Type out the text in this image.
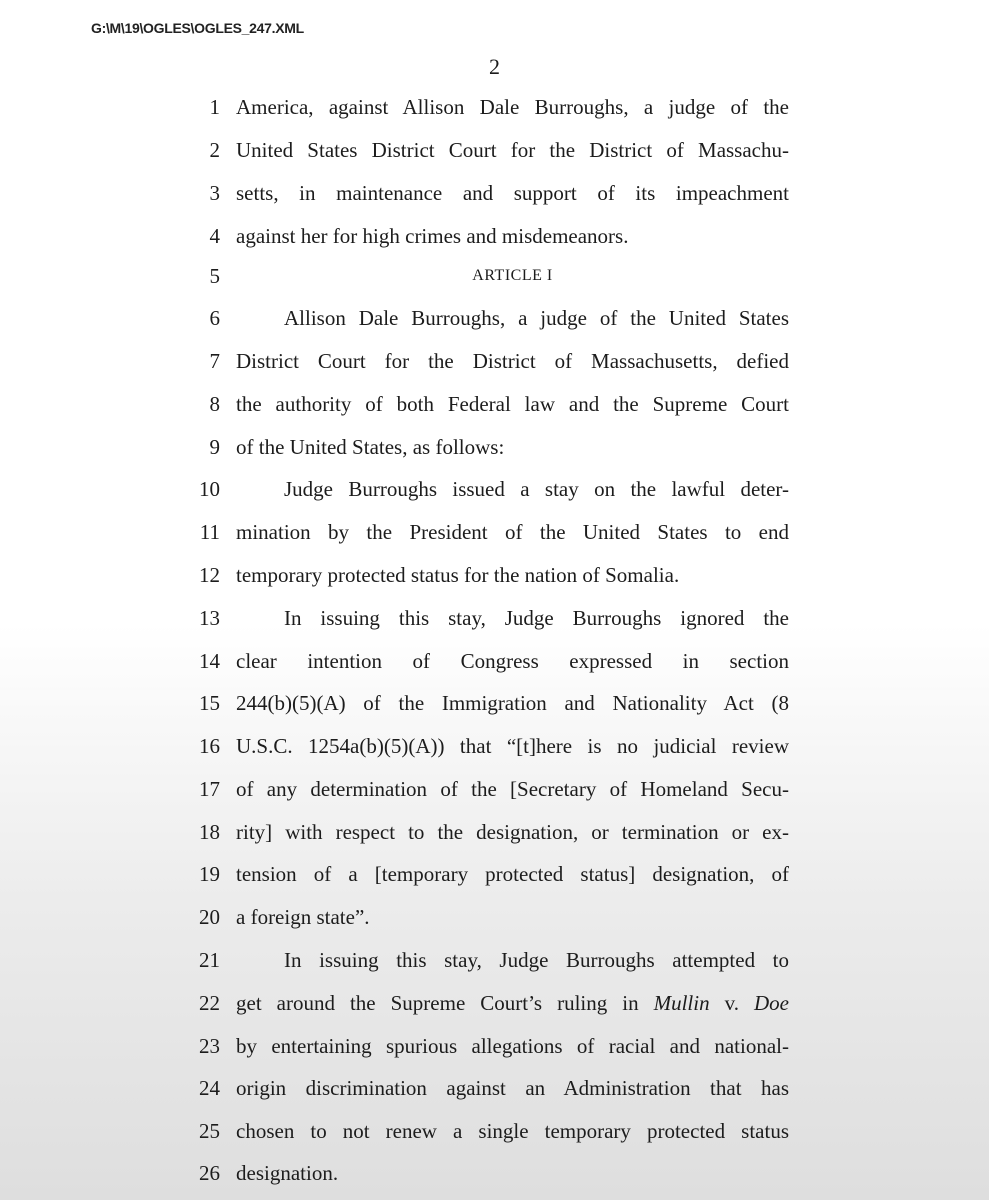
G:\M\19\OGLES\OGLES_247.XML
2
1 America, against Allison Dale Burroughs, a judge of the
2 United States District Court for the District of Massachu-
3 setts, in maintenance and support of its impeachment
4 against her for high crimes and misdemeanors.
5	ARTICLE I
6	Allison Dale Burroughs, a judge of the United States
7 District Court for the District of Massachusetts, defied
8 the authority of both Federal law and the Supreme Court
9 of the United States, as follows:
10	Judge Burroughs issued a stay on the lawful deter-
11 mination by the President of the United States to end
12 temporary protected status for the nation of Somalia.
13	In issuing this stay, Judge Burroughs ignored the
14 clear intention of Congress expressed in section
15 244(b)(5)(A) of the Immigration and Nationality Act (8
16 U.S.C. 1254a(b)(5)(A)) that “[t]here is no judicial review
17 of any determination of the [Secretary of Homeland Secu-
18 rity] with respect to the designation, or termination or ex-
19 tension of a [temporary protected status] designation, of
20 a foreign state”.
21	In issuing this stay, Judge Burroughs attempted to
22 get around the Supreme Court’s ruling in Mullin v. Doe
23 by entertaining spurious allegations of racial and national-
24 origin discrimination against an Administration that has
25 chosen to not renew a single temporary protected status
26 designation.
